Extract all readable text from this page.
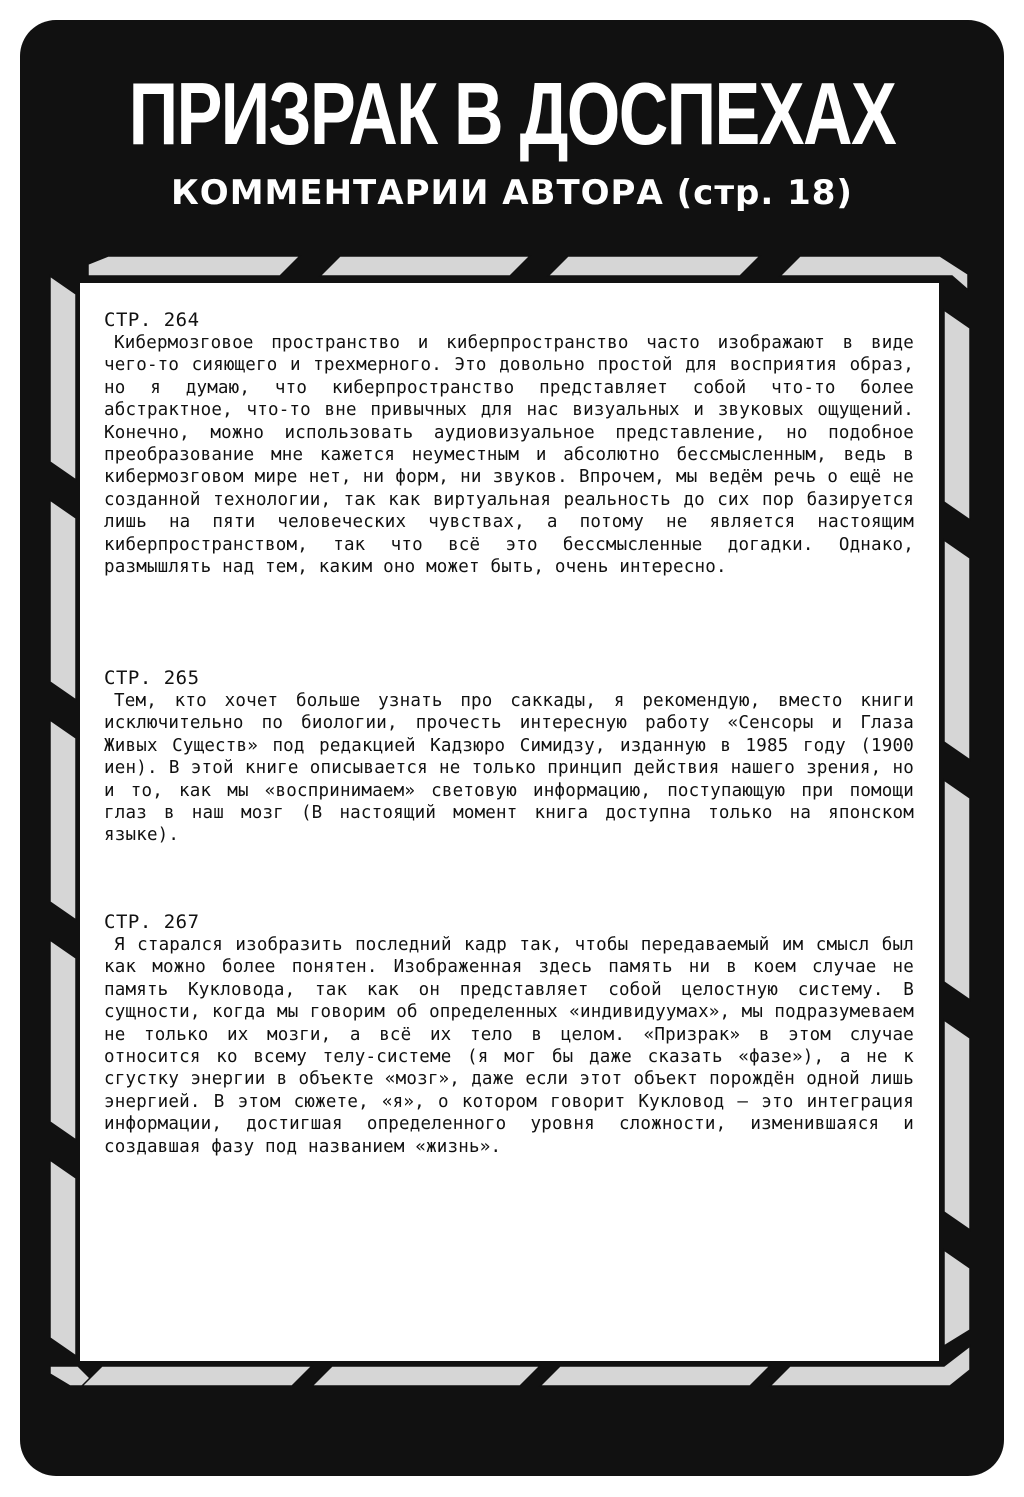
ПРИЗРАК В ДОСПЕХАХ
КОММЕНТАРИИ АВТОРА (стр. 18)
СТР. 264
Кибермозговое пространство и киберпространство часто изображают в виде чего-то сияющего и трехмерного. Это довольно простой для восприятия образ, но я думаю, что киберпространство представляет собой что-то более абстрактное, что-то вне привычных для нас визуальных и звуковых ощущений. Конечно, можно использовать аудиовизуальное представление, но подобное преобразование мне кажется неуместным и абсолютно бессмысленным, ведь в кибермозговом мире нет, ни форм, ни звуков. Впрочем, мы ведём речь о ещё не созданной технологии, так как виртуальная реальность до сих пор базируется лишь на пяти человеческих чувствах, а потому не является настоящим киберпространством, так что всё это бессмысленные догадки. Однако, размышлять над тем, каким оно может быть, очень интересно.
СТР. 265
Тем, кто хочет больше узнать про саккады, я рекомендую, вместо книги исключительно по биологии, прочесть интересную работу «Сенсоры и Глаза Живых Существ» под редакцией Кадзюро Симидзу, изданную в 1985 году (1900 иен). В этой книге описывается не только принцип действия нашего зрения, но и то, как мы «воспринимаем» световую информацию, поступающую при помощи глаз в наш мозг (В настоящий момент книга доступна только на японском языке).
СТР. 267
Я старался изобразить последний кадр так, чтобы передаваемый им смысл был как можно более понятен. Изображенная здесь память ни в коем случае не память Кукловода, так как он представляет собой целостную систему. В сущности, когда мы говорим об определенных «индивидуумах», мы подразумеваем не только их мозги, а всё их тело в целом. «Призрак» в этом случае относится ко всему телу-системе (я мог бы даже сказать «фазе»), а не к сгустку энергии в объекте «мозг», даже если этот объект порождён одной лишь энергией. В этом сюжете, «я», о котором говорит Кукловод – это интеграция информации, достигшая определенного уровня сложности, изменившаяся и создавшая фазу под названием «жизнь».
